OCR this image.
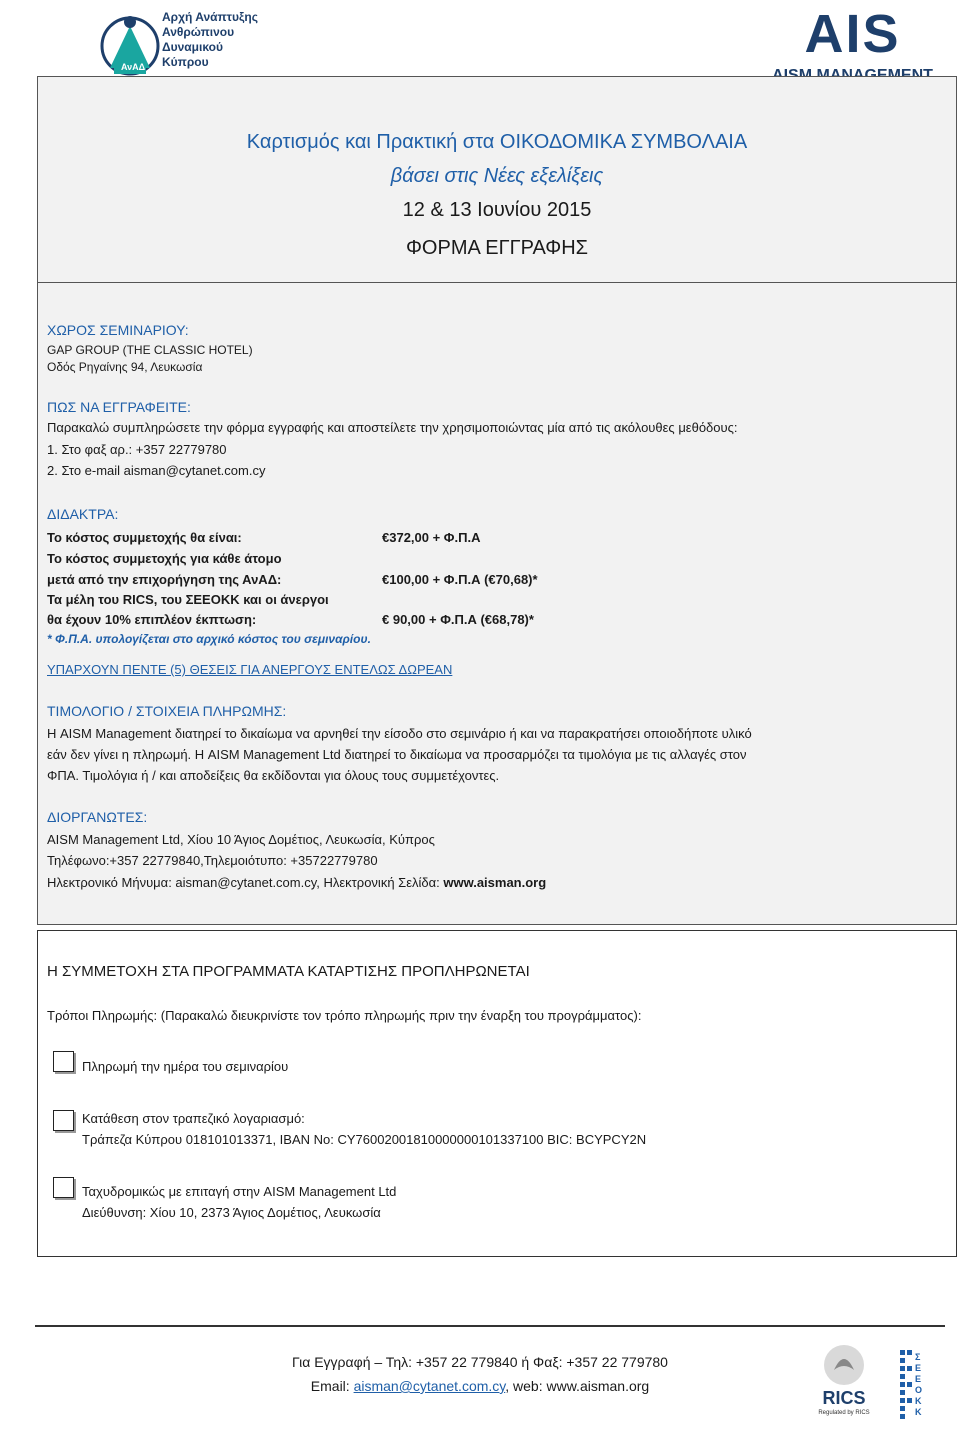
ΑνΑΔ
Αρχή Ανάπτυξης
Ανθρώπινου
Δυναμικού
Κύπρου	AIS
Καρτισμός και Πρακτική στα ΟΙΚΟΔΟΜΙΚΑ ΣΥΜΒΟΛΑΙΑ
βάσει στις Νέες εξελίξεις
12 & 13 Ιουνίου 2015
ΦΟΡΜΑ ΕΓΓΡΑΦΗΣ
ΧΩΡΟΣ ΣΕΜΙΝΑΡΙΟΥ:
GAP GROUP (THE CLASSIC HOTEL)
Οδός Ρηγαίνης 94, Λευκωσία
ΠΩΣ ΝΑ ΕΓΓΡΑΦΕΙΤΕ:
Παρακαλώ συμπληρώσετε την φόρμα εγγραφής και αποστείλετε την χρησιμοποιώντας μία από τις ακόλουθες μεθόδους:
1. Στο φαξ αρ.: +357 22779780
2. Στο e-mail aisman@cytanet.com.cy
ΔΙΔΑΚΤΡΑ:
Το κόστος συμμετοχής θα είναι:	€372,00 + Φ.Π.Α
Το κόστος συμμετοχής για κάθε άτομο
μετά από την επιχορήγηση της ΑνΑΔ:	€100,00 + Φ.Π.Α (€70,68)*
Τα μέλη του RICS, του ΣΕΕΟΚΚ και οι άνεργοι
θα έχουν 10% επιπλέον έκπτωση:	€ 90,00 + Φ.Π.Α (€68,78)*
* Φ.Π.Α. υπολογίζεται στο αρχικό κόστος του σεμιναρίου.
ΥΠΑΡΧΟΥΝ ΠΕΝΤΕ (5) ΘΕΣΕΙΣ ΓΙΑ ΑΝΕΡΓΟΥΣ ΕΝΤΕΛΩΣ ΔΩΡΕΑΝ
ΤΙΜΟΛΟΓΙΟ / ΣΤΟΙΧΕΙΑ ΠΛΗΡΩΜΗΣ:
Η AISM Management διατηρεί το δικαίωμα να αρνηθεί την είσοδο στο σεμινάριο ή και να παρακρατήσει οποιοδήποτε υλικό
εάν δεν γίνει η πληρωμή. Η AISM Management Ltd διατηρεί το δικαίωμα να προσαρμόζει τα τιμολόγια με τις αλλαγές στον
ΦΠΑ. Τιμολόγια ή / και αποδείξεις θα εκδίδονται για όλους τους συμμετέχοντες.
ΔΙΟΡΓΑΝΩΤΕΣ:
AISM Management Ltd, Χίου 10 Άγιος Δομέτιος, Λευκωσία, Κύπρος
Τηλέφωνο:+357 22779840,Τηλεμοιότυπο: +35722779780
Ηλεκτρονικό Μήνυμα: aisman@cytanet.com.cy, Ηλεκτρονική Σελίδα: www.aisman.org
Η ΣΥΜΜΕΤΟΧΗ ΣΤΑ ΠΡΟΓΡΑΜΜΑΤΑ ΚΑΤΑΡΤΙΣΗΣ ΠΡΟΠΛΗΡΩΝΕΤΑΙ
Τρόποι Πληρωμής: (Παρακαλώ διευκρινίστε τον τρόπο πληρωμής πριν την έναρξη του προγράμματος):
Πληρωμή την ημέρα του σεμιναρίου
Κατάθεση στον τραπεζικό λογαριασμό:
Τράπεζα Κύπρου 018101013371, IBAN No: CY76002001810000000101337100 BIC: BCYPCY2N
Ταχυδρομικώς με επιταγή στην AISM Management Ltd
Διεύθυνση: Χίου 10, 2373 Άγιος Δομέτιος, Λευκωσία
Για Εγγραφή – Τηλ: +357 22 779840 ή Φαξ: +357 22 779780
Email: aisman@cytanet.com.cy, web: www.aisman.org
RICS
Regulated by RICS
ΣΕΕΟΚΚ
